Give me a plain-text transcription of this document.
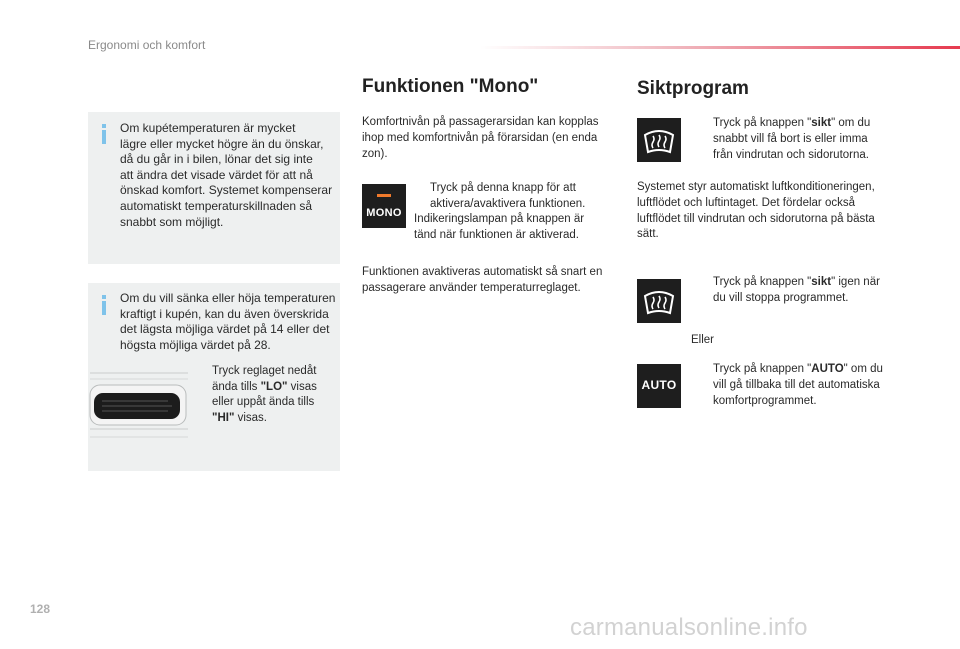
Ergonomi och komfort

Om kupétemperaturen är mycket
lägre eller mycket högre än du önskar,
då du går in i bilen, lönar det sig inte
att ändra det visade värdet för att nå
önskad komfort. Systemet kompenserar
automatiskt temperaturskillnaden så
snabbt som möjligt.

Om du vill sänka eller höja temperaturen
kraftigt i kupén, kan du även överskrida
det lägsta möjliga värdet på 14 eller det
högsta möjliga värdet på 28.

Tryck reglaget nedåt
ända tills "LO" visas
eller uppåt ända tills
"HI" visas.

Funktionen "Mono"

Komfortnivån på passagerarsidan kan kopplas
ihop med komfortnivån på förarsidan (en enda
zon).

MONO

Tryck på denna knapp för att
aktivera/avaktivera funktionen.

Indikeringslampan på knappen är
tänd när funktionen är aktiverad.

Funktionen avaktiveras automatiskt så snart en
passagerare använder temperaturreglaget.

Siktprogram

Tryck på knappen "sikt" om du
snabbt vill få bort is eller imma
från vindrutan och sidorutorna.

Systemet styr automatiskt luftkonditioneringen,
luftflödet och luftintaget. Det fördelar också
luftflödet till vindrutan och sidorutorna på bästa
sätt.

Tryck på knappen "sikt" igen när
du vill stoppa programmet.

Eller

AUTO

Tryck på knappen "AUTO" om du
vill gå tillbaka till det automatiska
komfortprogrammet.

128
carmanualsonline.info
